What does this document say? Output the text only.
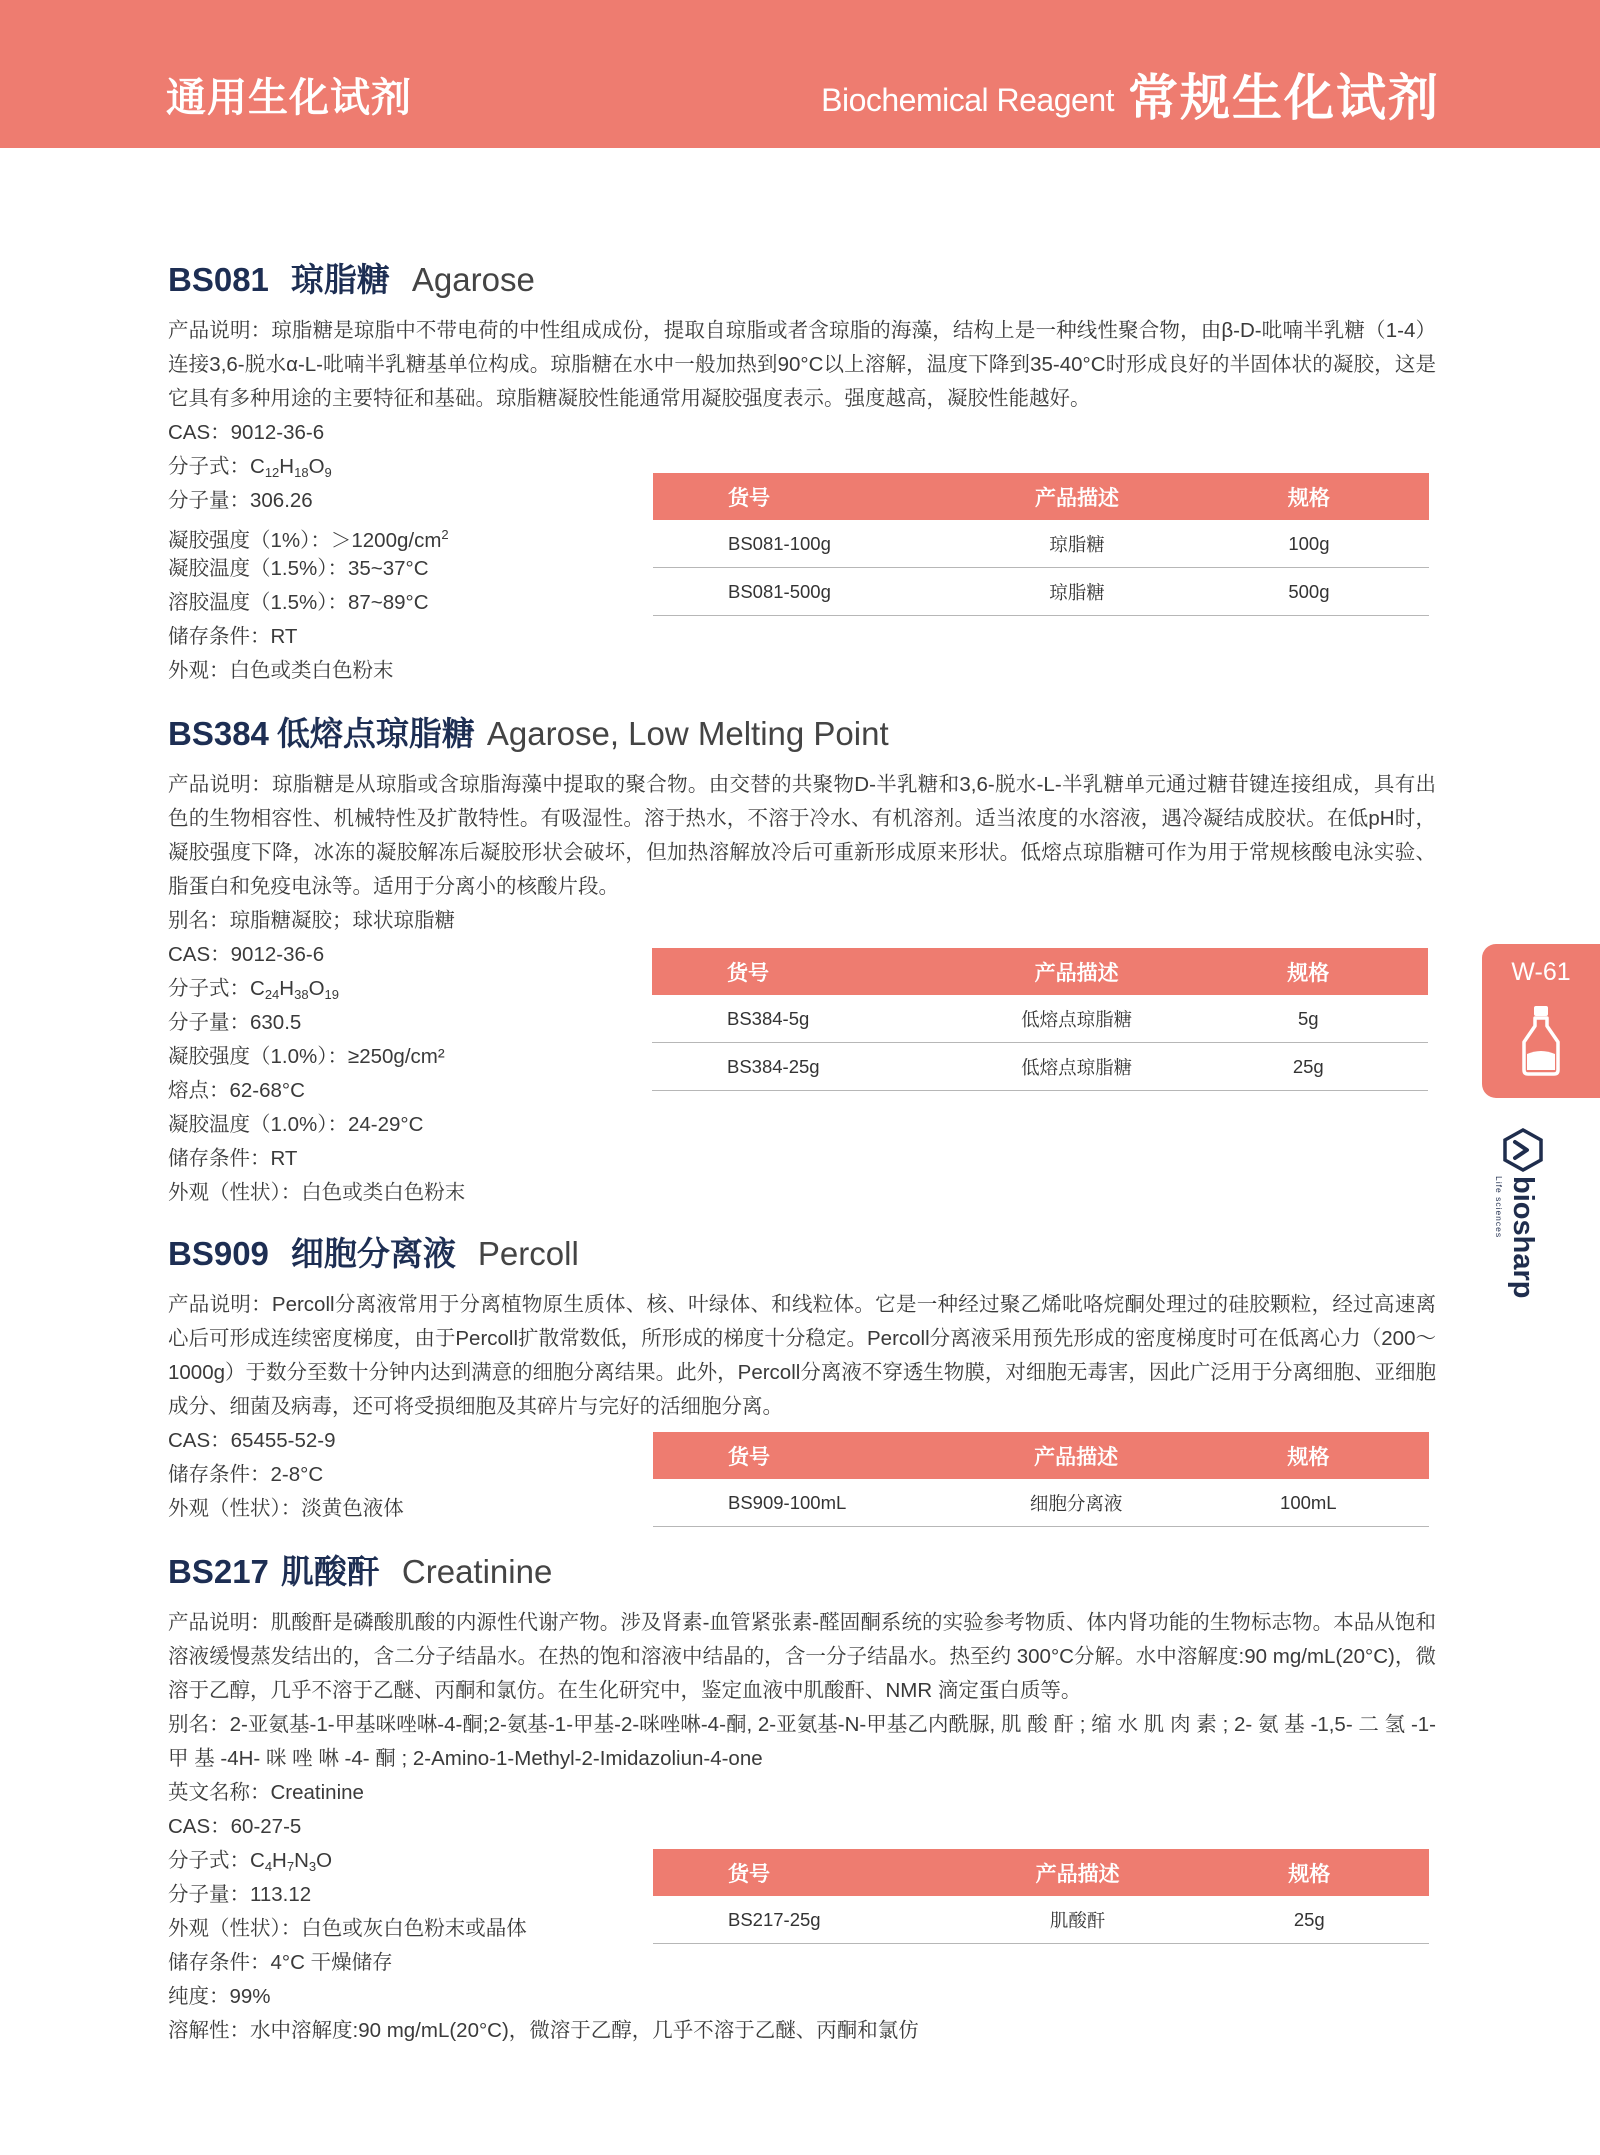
通用生化试剂	Biochemical Reagent 常规生化试剂
BS081 琼脂糖 Agarose
产品说明：琼脂糖是琼脂中不带电荷的中性组成成份，提取自琼脂或者含琼脂的海藻，结构上是一种线性聚合物，由β-D-吡喃半乳糖（1-4）连接3,6-脱水α-L-吡喃半乳糖基单位构成。琼脂糖在水中一般加热到90°C以上溶解，温度下降到35-40°C时形成良好的半固体状的凝胶，这是它具有多种用途的主要特征和基础。琼脂糖凝胶性能通常用凝胶强度表示。强度越高，凝胶性能越好。
CAS：9012-36-6
分子式：$C_{12}H_{18}O_9$
分子量：306.26
凝胶强度（1%）：$>1200g/cm^2$
凝胶温度（1.5%）：35~37°C
溶胶温度（1.5%）：87~89°C
储存条件：RT
外观：白色或类白色粉末
货号	产品描述	规格
BS081-100g	琼脂糖	100g
BS081-500g	琼脂糖	500g
BS384 低熔点琼脂糖 Agarose, Low Melting Point
产品说明：琼脂糖是从琼脂或含琼脂海藻中提取的聚合物。由交替的共聚物D-半乳糖和3,6-脱水-L-半乳糖单元通过糖苷键连接组成，具有出色的生物相容性、机械特性及扩散特性。有吸湿性。溶于热水，不溶于冷水、有机溶剂。适当浓度的水溶液，遇冷凝结成胶状。在低pH时，凝胶强度下降，冰冻的凝胶解冻后凝胶形状会破坏，但加热溶解放冷后可重新形成原来形状。低熔点琼脂糖可作为用于常规核酸电泳实验、脂蛋白和免疫电泳等。适用于分离小的核酸片段。
别名：琼脂糖凝胶；球状琼脂糖
CAS：9012-36-6
分子式：$C_{24}H_{38}O_{19}$
分子量：630.5
凝胶强度（1.0%）：≥250g/cm²
熔点：62-68°C
凝胶温度（1.0%）：24-29°C
储存条件：RT
外观（性状）：白色或类白色粉末
货号	产品描述	规格
BS384-5g	低熔点琼脂糖	5g
BS384-25g	低熔点琼脂糖	25g
BS909 细胞分离液 Percoll
产品说明：Percoll分离液常用于分离植物原生质体、核、叶绿体、和线粒体。它是一种经过聚乙烯吡咯烷酮处理过的硅胶颗粒，经过高速离心后可形成连续密度梯度，由于Percoll扩散常数低，所形成的梯度十分稳定。Percoll分离液采用预先形成的密度梯度时可在低离心力（200～1000g）于数分至数十分钟内达到满意的细胞分离结果。此外，Percoll分离液不穿透生物膜，对细胞无毒害，因此广泛用于分离细胞、亚细胞成分、细菌及病毒，还可将受损细胞及其碎片与完好的活细胞分离。
CAS：65455-52-9
储存条件：2-8°C
外观（性状）：淡黄色液体
货号	产品描述	规格
BS909-100mL	细胞分离液	100mL
BS217 肌酸酐 Creatinine
产品说明：肌酸酐是磷酸肌酸的内源性代谢产物。涉及肾素-血管紧张素-醛固酮系统的实验参考物质、体内肾功能的生物标志物。本品从饱和溶液缓慢蒸发结出的，含二分子结晶水。在热的饱和溶液中结晶的，含一分子结晶水。热至约 300°C分解。水中溶解度:90 mg/mL(20°C)，微溶于乙醇，几乎不溶于乙醚、丙酮和氯仿。在生化研究中，鉴定血液中肌酸酐、NMR 滴定蛋白质等。
别名：2-亚氨基-1-甲基咪唑啉-4-酮;2-氨基-1-甲基-2-咪唑啉-4-酮, 2-亚氨基-N-甲基乙内酰脲, 肌 酸 酐 ; 缩 水 肌 肉 素 ; 2- 氨 基 -1,5- 二 氢 -1- 甲 基 -4H- 咪 唑 啉 -4- 酮 ; 2-Amino-1-Methyl-2-Imidazoliun-4-one
英文名称：Creatinine
CAS：60-27-5
分子式：$C_4H_7N_3O$
分子量：113.12
外观（性状）：白色或灰白色粉末或晶体
储存条件：4°C 干燥储存
纯度：99%
溶解性：水中溶解度:90 mg/mL(20°C)，微溶于乙醇，几乎不溶于乙醚、丙酮和氯仿
货号	产品描述	规格
BS217-25g	肌酸酐	25g
W-61
biosharp
Life sciences
